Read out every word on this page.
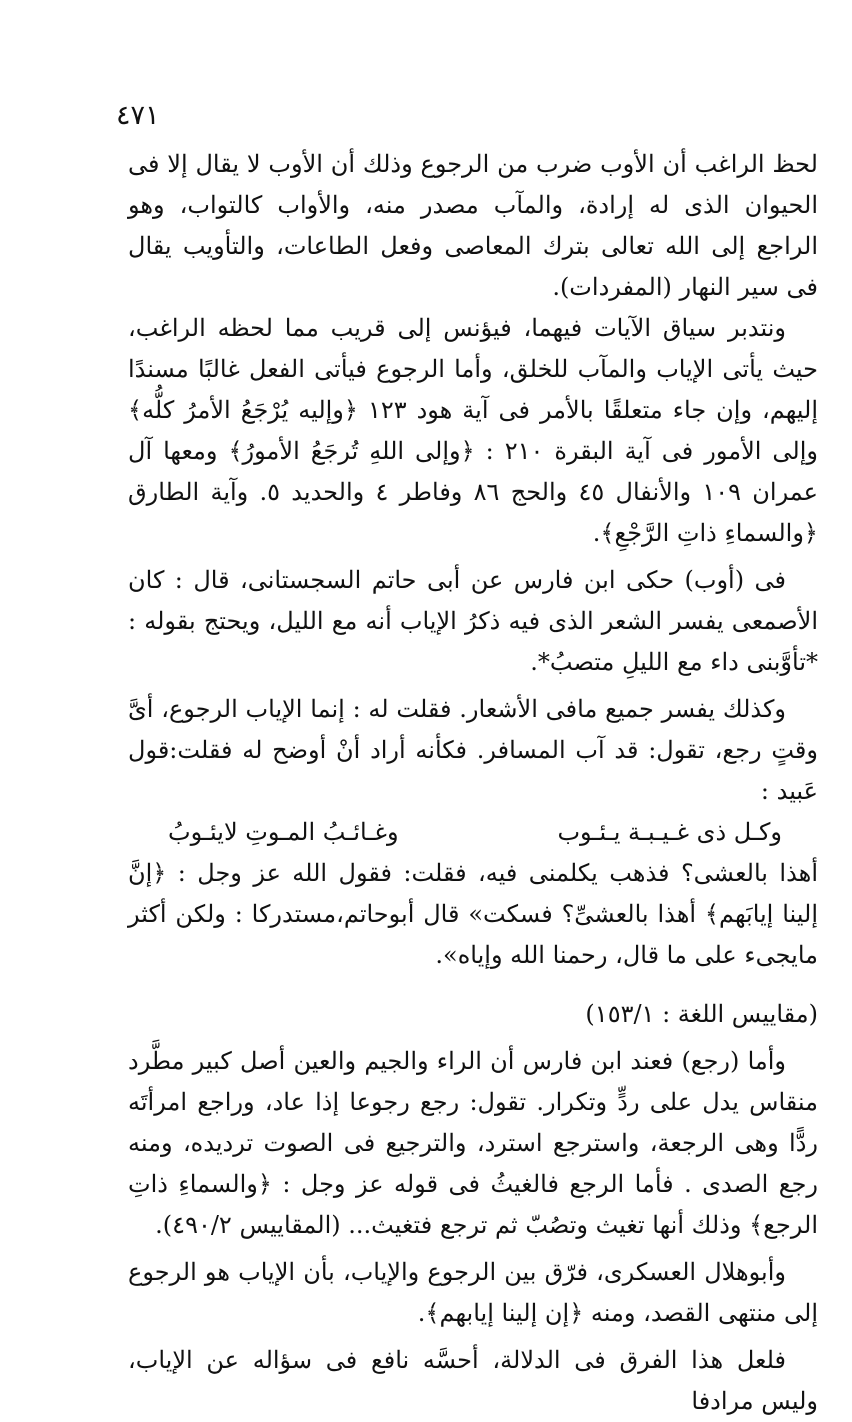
٤٧١

لحظ الراغب أن الأوب ضرب من الرجوع وذلك أن الأوب لا يقال إلا فى الحيوان الذى له إرادة، والمآب مصدر منه، والأواب كالتواب، وهو الراجع إلى الله تعالى بترك المعاصى وفعل الطاعات، والتأويب يقال فى سير النهار (المفردات).

ونتدبر سياق الآيات فيهما، فيؤنس إلى قريب مما لحظه الراغب، حيث يأتى الإياب والمآب للخلق، وأما الرجوع فيأتى الفعل غالبًا مسندًا إليهم، وإن جاء متعلقًا بالأمر فى آية هود ١٢٣ ﴿وإليه يُرْجَعُ الأمرُ كلُّه﴾ وإلى الأمور فى آية البقرة ٢١٠ : ﴿وإلى اللهِ تُرجَعُ الأمورُ﴾ ومعها آل عمران ١٠٩ والأنفال ٤٥ والحج ٨٦ وفاطر ٤ والحديد ٥. وآية الطارق ﴿والسماءِ ذاتِ الرَّجْعِ﴾.

فى (أوب) حكى ابن فارس عن أبى حاتم السجستانى، قال : كان الأصمعى يفسر الشعر الذى فيه ذكرُ الإياب أنه مع الليل، ويحتج بقوله : *تأوَّبنى داء مع الليلِ متصبُ*.

وكذلك يفسر جميع مافى الأشعار. فقلت له : إنما الإياب الرجوع، أىَّ وقتٍ رجع، تقول: قد آب المسافر. فكأنه أراد أنْ أوضح له فقلت:قول عَبيد :

وكـل ذى غـيـبـة يـئـوب
وغـائـبُ المـوتِ لايئـوبُ

أهذا بالعشى؟ فذهب يكلمنى فيه، فقلت: فقول الله عز وجل : ﴿إنَّ إلينا إيابَهم﴾ أهذا بالعشىِّ؟ فسكت» قال أبوحاتم،مستدركا : ولكن أكثر مايجىء على ما قال، رحمنا الله وإياه».

(مقاييس اللغة : ١٥٣/١)

وأما (رجع) فعند ابن فارس أن الراء والجيم والعين أصل كبير مطَّرد منقاس يدل على ردٍّ وتكرار. تقول: رجع رجوعا إذا عاد، وراجع امرأتَه ردًّا وهى الرجعة، واسترجع استرد، والترجيع فى الصوت ترديده، ومنه رجع الصدى . فأما الرجع فالغيثُ فى قوله عز وجل : ﴿والسماءِ ذاتِ الرجع﴾ وذلك أنها تغيث وتصُبّ ثم ترجع فتغيث... (المقاييس ٤٩٠/٢).

وأبوهلال العسكرى، فرّق بين الرجوع والإياب، بأن الإياب هو الرجوع إلى منتهى القصد، ومنه ﴿إن إلينا إيابهم﴾.

فلعل هذا الفرق فى الدلالة، أحسَّه نافع فى سؤاله عن الإياب، وليس مرادفا
